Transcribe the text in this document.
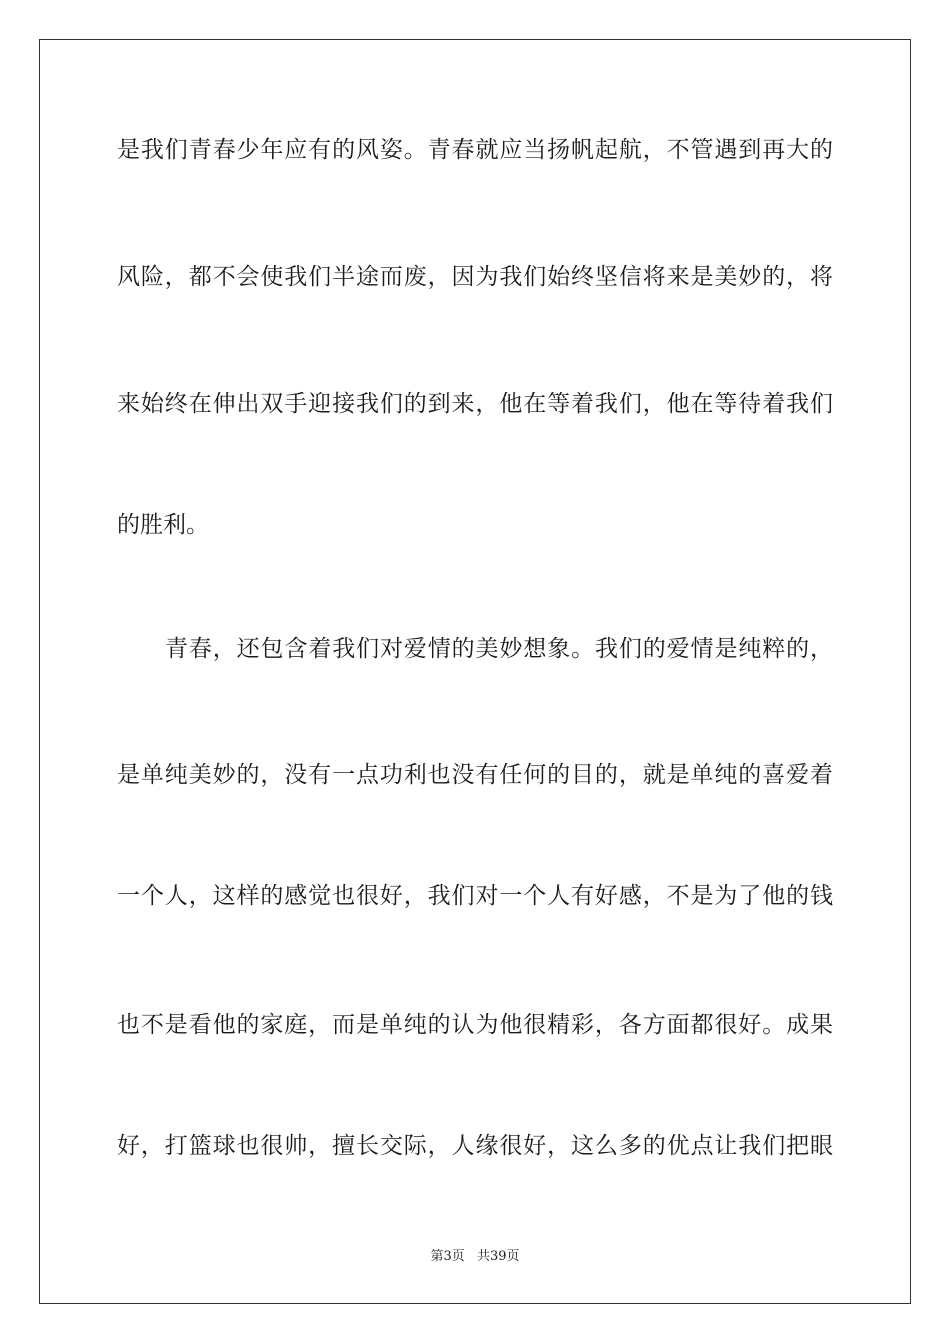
是我们青春少年应有的风姿。青春就应当扬帆起航，不管遇到再大的
风险，都不会使我们半途而废，因为我们始终坚信将来是美妙的，将
来始终在伸出双手迎接我们的到来，他在等着我们，他在等待着我们
的胜利。
青春，还包含着我们对爱情的美妙想象。我们的爱情是纯粹的，
是单纯美妙的，没有一点功利也没有任何的目的，就是单纯的喜爱着
一个人，这样的感觉也很好，我们对一个人有好感，不是为了他的钱
也不是看他的家庭，而是单纯的认为他很精彩，各方面都很好。成果
好，打篮球也很帅，擅长交际，人缘很好，这么多的优点让我们把眼
第3页 共39页
